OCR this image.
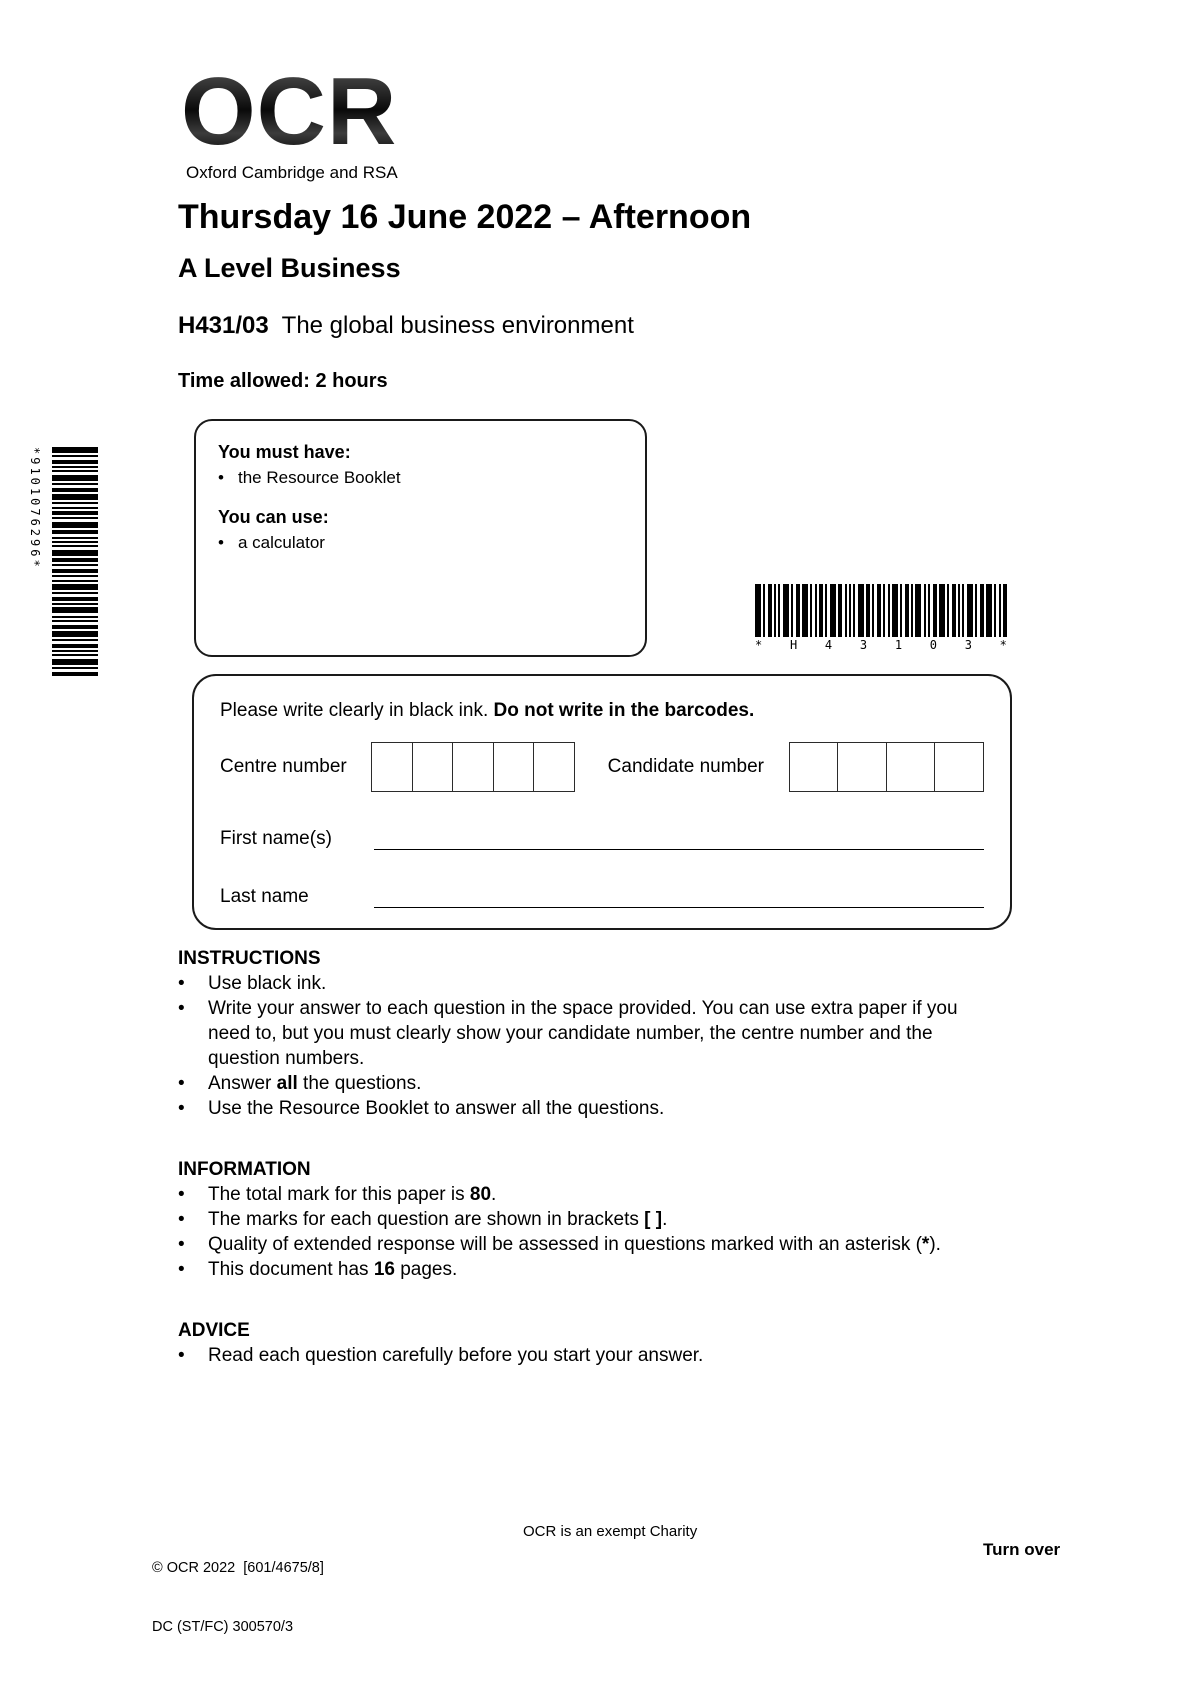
OCR
Oxford Cambridge and RSA
Thursday 16 June 2022 – Afternoon
A Level Business
H431/03  The global business environment
Time allowed: 2 hours
You must have:
• the Resource Booklet
You can use:
• a calculator
*9101076296*
* H 4 3 1 0 3 *
Please write clearly in black ink. Do not write in the barcodes.
Centre number	Candidate number
First name(s)
Last name
INSTRUCTIONS
•	Use black ink.
•	Write your answer to each question in the space provided. You can use extra paper if you need to, but you must clearly show your candidate number, the centre number and the question numbers.
•	Answer all the questions.
•	Use the Resource Booklet to answer all the questions.
INFORMATION
•	The total mark for this paper is 80.
•	The marks for each question are shown in brackets [ ].
•	Quality of extended response will be assessed in questions marked with an asterisk (*).
•	This document has 16 pages.
ADVICE
•	Read each question carefully before you start your answer.

© OCR 2022  [601/4675/8]

DC (ST/FC) 300570/3

OCR is an exempt Charity
Turn over
